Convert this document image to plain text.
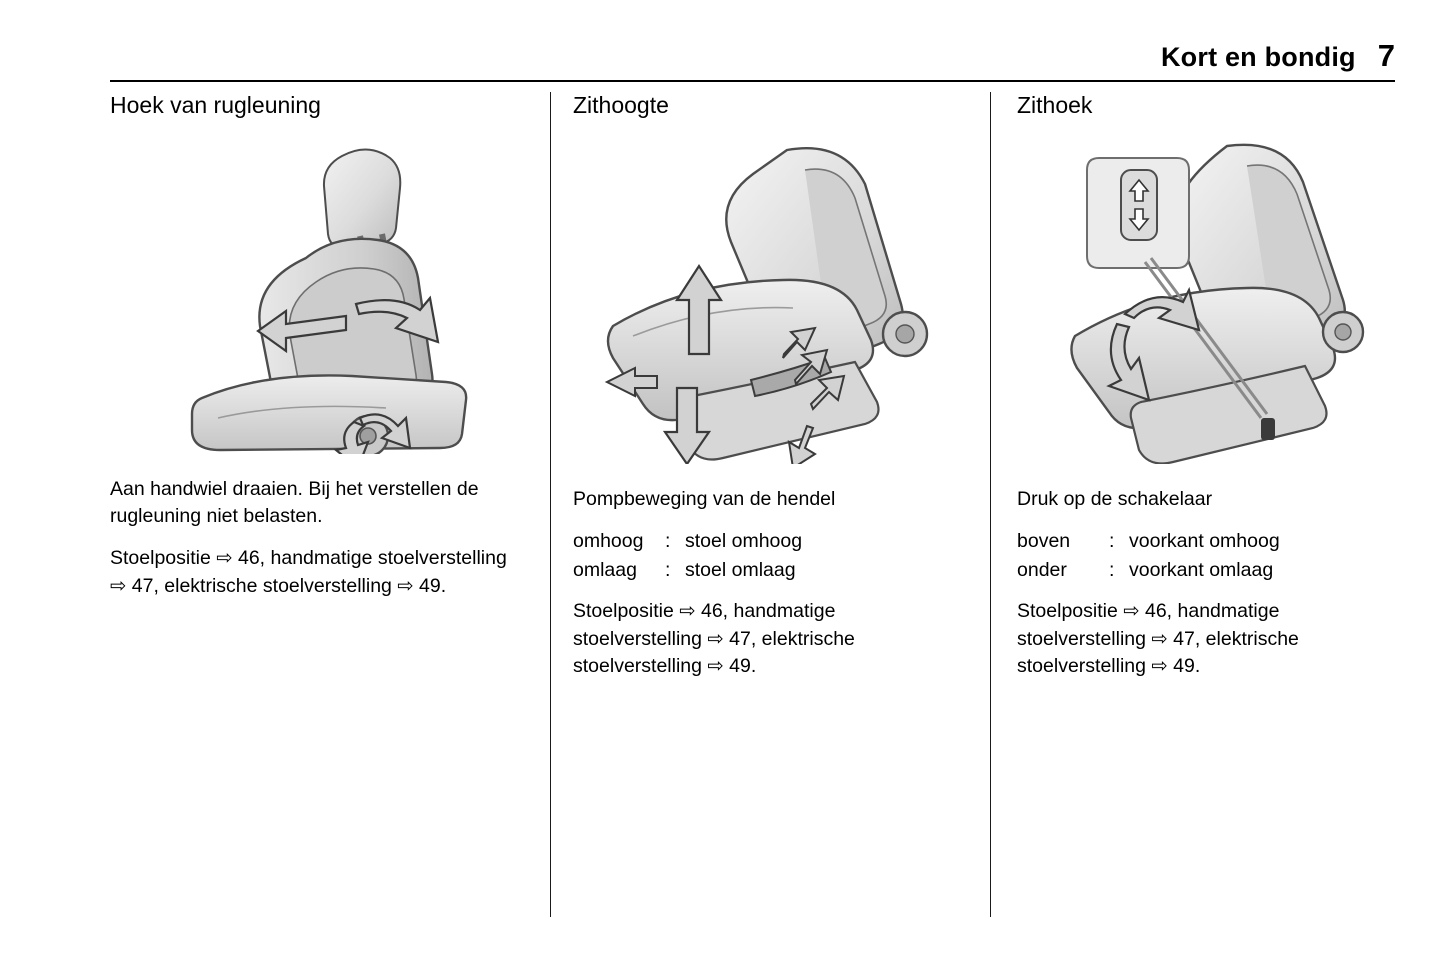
Kort en bondig 7
Hoek van rugleuning

Aan handwiel draaien. Bij het verstellen de rugleuning niet belasten.

Stoelpositie ⇨ 46, handmatige stoelverstelling ⇨ 47, elektrische stoelverstelling ⇨ 49.

Zithoogte

Pompbeweging van de hendel

omhoog	: stoel omhoog
omlaag	: stoel omlaag

Stoelpositie ⇨ 46, handmatige stoelverstelling ⇨ 47, elektrische stoelverstelling ⇨ 49.

Zithoek

Druk op de schakelaar

boven	: voorkant omhoog
onder	: voorkant omlaag

Stoelpositie ⇨ 46, handmatige stoelverstelling ⇨ 47, elektrische stoelverstelling ⇨ 49.
